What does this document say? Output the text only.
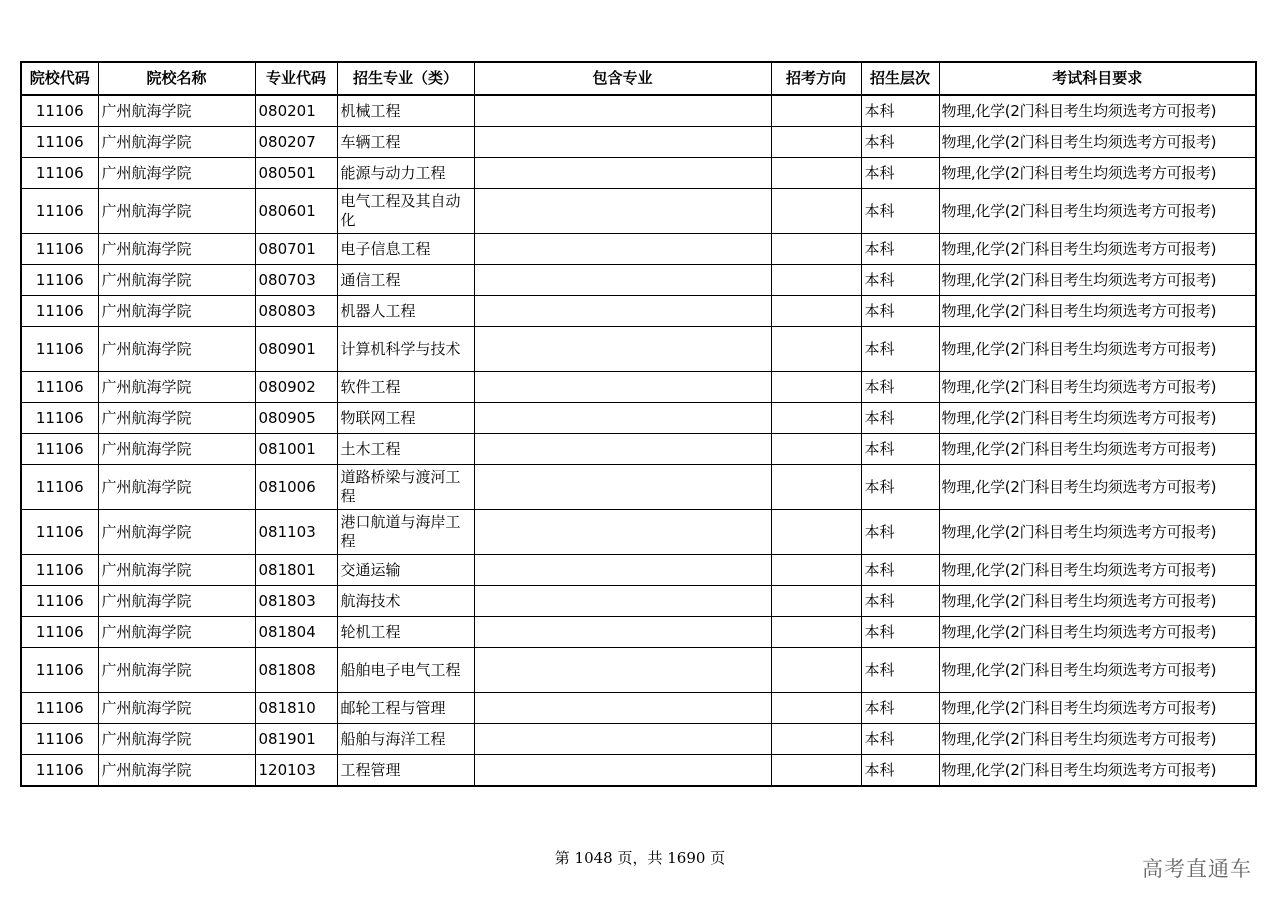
院校代码	院校名称	专业代码	招生专业（类）	包含专业	招考方向	招生层次	考试科目要求
11106	广州航海学院	080201	机械工程			本科	物理,化学(2门科目考生均须选考方可报考)
11106	广州航海学院	080207	车辆工程			本科	物理,化学(2门科目考生均须选考方可报考)
11106	广州航海学院	080501	能源与动力工程			本科	物理,化学(2门科目考生均须选考方可报考)
11106	广州航海学院	080601	电气工程及其自动化			本科	物理,化学(2门科目考生均须选考方可报考)
11106	广州航海学院	080701	电子信息工程			本科	物理,化学(2门科目考生均须选考方可报考)
11106	广州航海学院	080703	通信工程			本科	物理,化学(2门科目考生均须选考方可报考)
11106	广州航海学院	080803	机器人工程			本科	物理,化学(2门科目考生均须选考方可报考)
11106	广州航海学院	080901	计算机科学与技术			本科	物理,化学(2门科目考生均须选考方可报考)
11106	广州航海学院	080902	软件工程			本科	物理,化学(2门科目考生均须选考方可报考)
11106	广州航海学院	080905	物联网工程			本科	物理,化学(2门科目考生均须选考方可报考)
11106	广州航海学院	081001	土木工程			本科	物理,化学(2门科目考生均须选考方可报考)
11106	广州航海学院	081006	道路桥梁与渡河工程			本科	物理,化学(2门科目考生均须选考方可报考)
11106	广州航海学院	081103	港口航道与海岸工程			本科	物理,化学(2门科目考生均须选考方可报考)
11106	广州航海学院	081801	交通运输			本科	物理,化学(2门科目考生均须选考方可报考)
11106	广州航海学院	081803	航海技术			本科	物理,化学(2门科目考生均须选考方可报考)
11106	广州航海学院	081804	轮机工程			本科	物理,化学(2门科目考生均须选考方可报考)
11106	广州航海学院	081808	船舶电子电气工程			本科	物理,化学(2门科目考生均须选考方可报考)
11106	广州航海学院	081810	邮轮工程与管理			本科	物理,化学(2门科目考生均须选考方可报考)
11106	广州航海学院	081901	船舶与海洋工程			本科	物理,化学(2门科目考生均须选考方可报考)
11106	广州航海学院	120103	工程管理			本科	物理,化学(2门科目考生均须选考方可报考)
第 1048 页，共 1690 页	高考直通车
